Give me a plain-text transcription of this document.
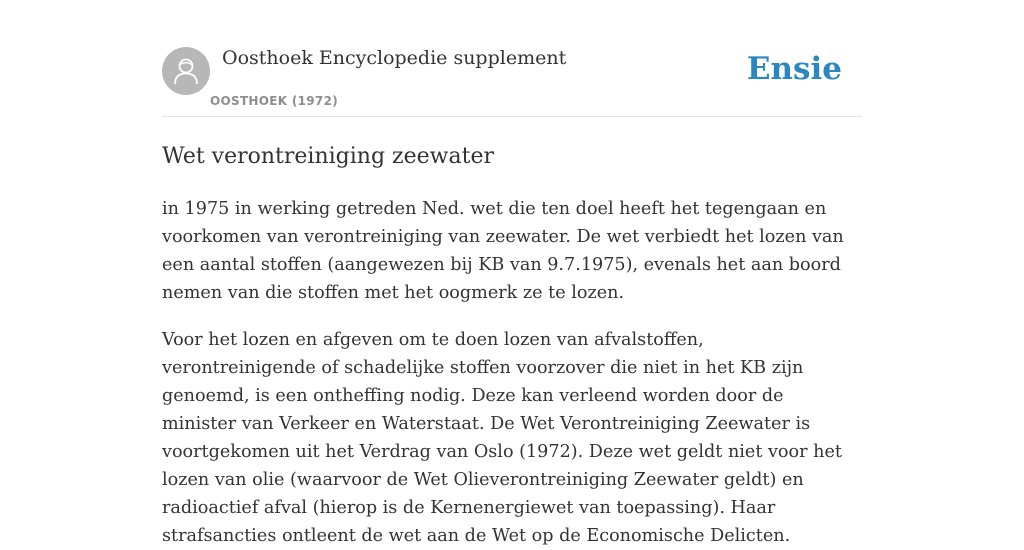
Oosthoek Encyclopedie supplement
OOSTHOEK (1972)
Ensie
Wet verontreiniging zeewater

in 1975 in werking getreden Ned. wet die ten doel heeft het tegengaan en voorkomen van verontreiniging van zeewater. De wet verbiedt het lozen van een aantal stoffen (aangewezen bij KB van 9.7.1975), evenals het aan boord nemen van die stoffen met het oogmerk ze te lozen.

Voor het lozen en afgeven om te doen lozen van afvalstoffen, verontreinigende of schadelijke stoffen voorzover die niet in het KB zijn genoemd, is een ontheffing nodig. Deze kan verleend worden door de minister van Verkeer en Waterstaat. De Wet Verontreiniging Zeewater is voortgekomen uit het Verdrag van Oslo (1972). Deze wet geldt niet voor het lozen van olie (waarvoor de Wet Olieverontreiniging Zeewater geldt) en radioactief afval (hierop is de Kernenergiewet van toepassing). Haar strafsancties ontleent de wet aan de Wet op de Economische Delicten.
